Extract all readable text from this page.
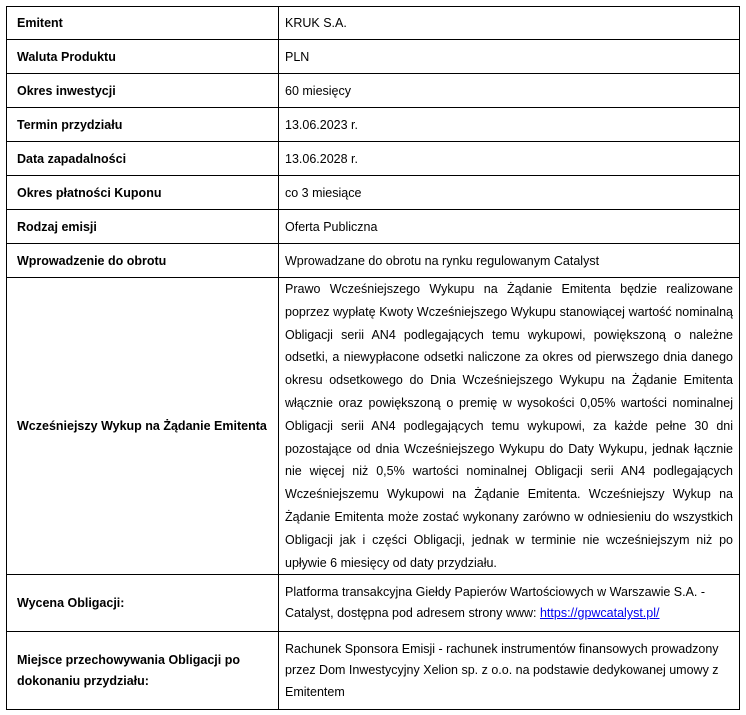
Emitent	KRUK S.A.
Waluta Produktu	PLN
Okres inwestycji	60 miesięcy
Termin przydziału	13.06.2023 r.
Data zapadalności	13.06.2028 r.
Okres płatności Kuponu	co 3 miesiące
Rodzaj emisji	Oferta Publiczna
Wprowadzenie do obrotu	Wprowadzane do obrotu na rynku regulowanym Catalyst
Wcześniejszy Wykup na Żądanie Emitenta	Prawo Wcześniejszego Wykupu na Żądanie Emitenta będzie realizowane poprzez wypłatę Kwoty Wcześniejszego Wykupu stanowiącej wartość nominalną Obligacji serii AN4 podlegających temu wykupowi, powiększoną o należne odsetki, a niewypłacone odsetki naliczone za okres od pierwszego dnia danego okresu odsetkowego do Dnia Wcześniejszego Wykupu na Żądanie Emitenta włącznie oraz powiększoną o premię w wysokości 0,05% wartości nominalnej Obligacji serii AN4 podlegających temu wykupowi, za każde pełne 30 dni pozostające od dnia Wcześniejszego Wykupu do Daty Wykupu, jednak łącznie nie więcej niż 0,5% wartości nominalnej Obligacji serii AN4 podlegających Wcześniejszemu Wykupowi na Żądanie Emitenta. Wcześniejszy Wykup na Żądanie Emitenta może zostać wykonany zarówno w odniesieniu do wszystkich Obligacji jak i części Obligacji, jednak w terminie nie wcześniejszym niż po upływie 6 miesięcy od daty przydziału.
Wycena Obligacji:	Platforma transakcyjna Giełdy Papierów Wartościowych w Warszawie S.A. - Catalyst, dostępna pod adresem strony www: https://gpwcatalyst.pl/
Miejsce przechowywania Obligacji po dokonaniu przydziału:	Rachunek Sponsora Emisji - rachunek instrumentów finansowych prowadzony przez Dom Inwestycyjny Xelion sp. z o.o. na podstawie dedykowanej umowy z Emitentem
